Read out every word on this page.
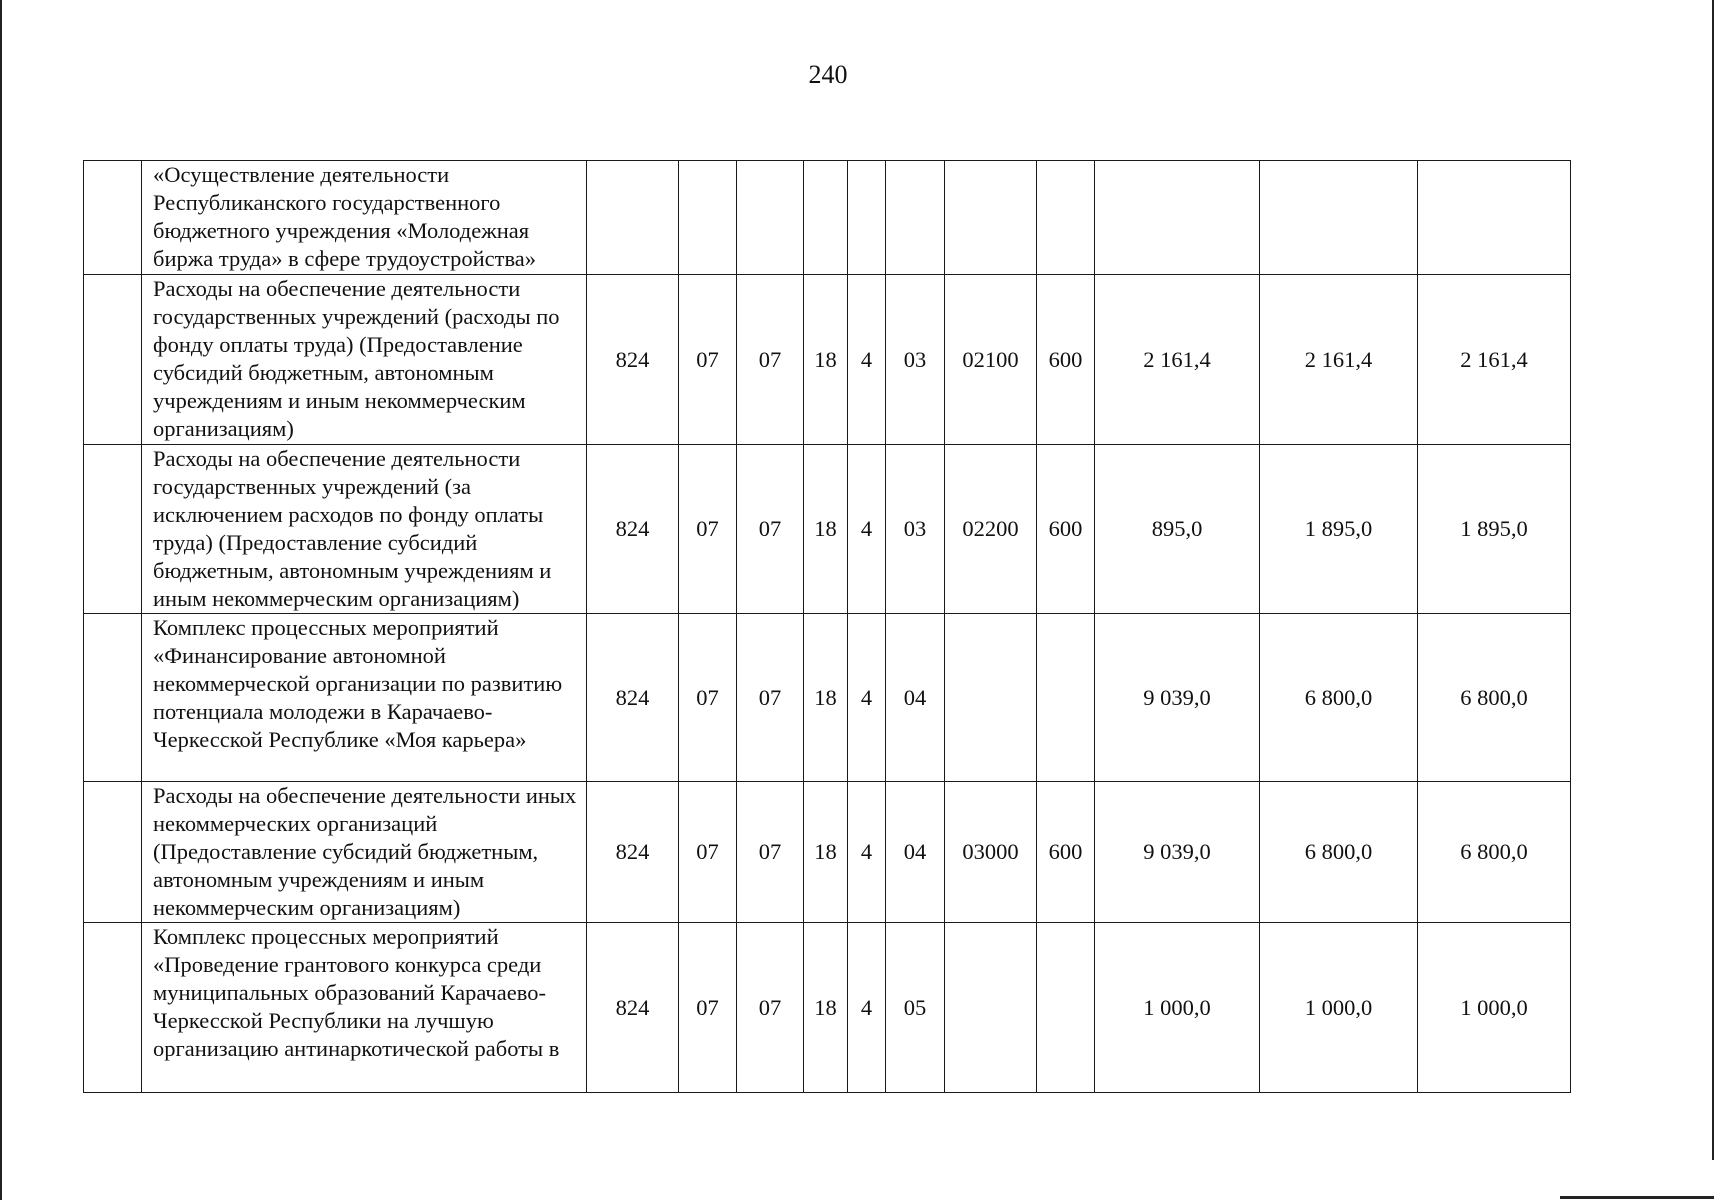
240
	«Осуществление деятельности Республиканского государственного бюджетного учреждения «Молодежная биржа труда» в сфере трудоустройства»											
	Расходы на обеспечение деятельности государственных учреждений (расходы по фонду оплаты труда) (Предоставление субсидий бюджетным, автономным учреждениям и иным некоммерческим организациям)	824	07	07	18	4	03	02100	600	2 161,4	2 161,4	2 161,4
	Расходы на обеспечение деятельности государственных учреждений (за исключением расходов по фонду оплаты труда) (Предоставление субсидий бюджетным, автономным учреждениям и иным некоммерческим организациям)	824	07	07	18	4	03	02200	600	895,0	1 895,0	1 895,0
	Комплекс процессных мероприятий «Финансирование автономной некоммерческой организации по развитию потенциала молодежи в Карачаево-Черкесской Республике «Моя карьера»	824	07	07	18	4	04			9 039,0	6 800,0	6 800,0
	Расходы на обеспечение деятельности иных некоммерческих организаций (Предоставление субсидий бюджетным, автономным учреждениям и иным некоммерческим организациям)	824	07	07	18	4	04	03000	600	9 039,0	6 800,0	6 800,0
	Комплекс процессных мероприятий «Проведение грантового конкурса среди муниципальных образований Карачаево-Черкесской Республики на лучшую организацию антинаркотической работы в	824	07	07	18	4	05			1 000,0	1 000,0	1 000,0
